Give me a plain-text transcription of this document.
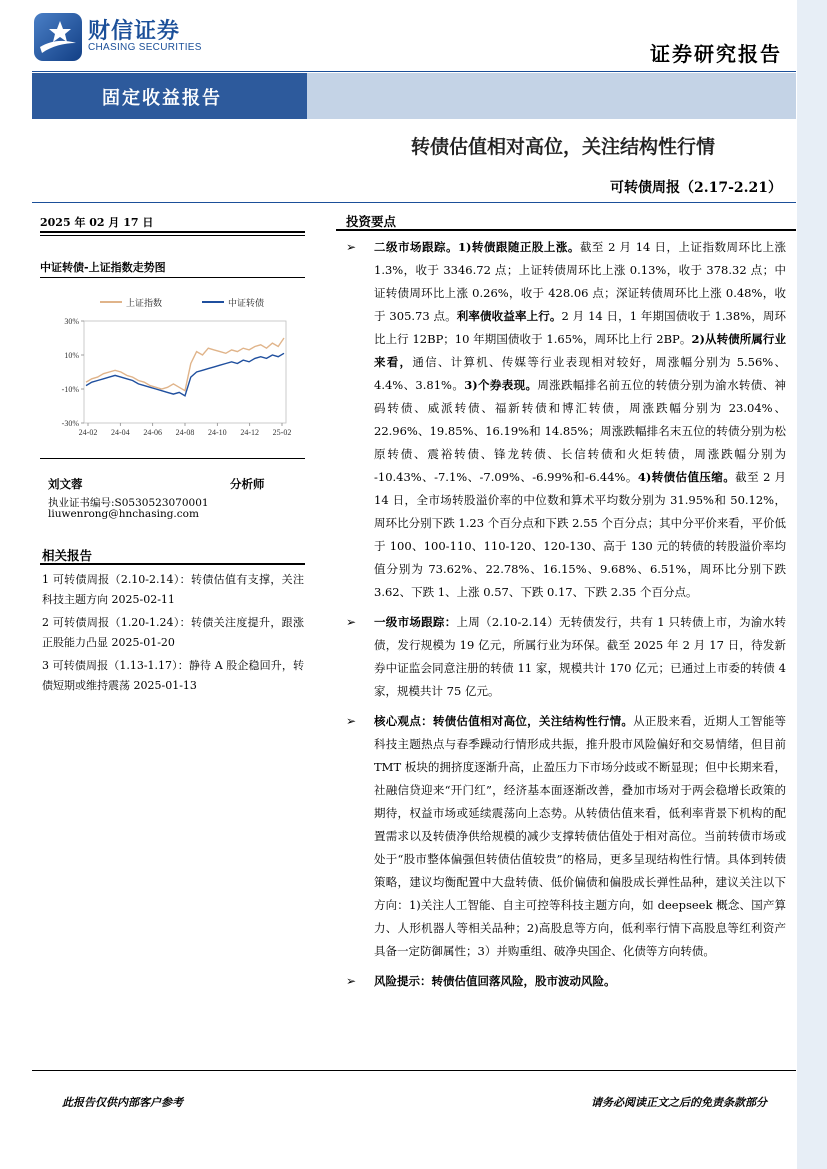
财信证券
CHASING SECURITIES	证券研究报告
固定收益报告
转债估值相对高位，关注结构性行情
可转债周报（2.17-2.21）
2025 年 02 月 17 日
中证转债-上证指数走势图
30%
10%
-10%
-30%
24-02 24-04 24-06 24-08 24-10 24-12 25-02
上证指数	中证转债
刘文蓉	分析师
执业证书编号:S0530523070001
liuwenrong@hnchasing.com
相关报告
1 可转债周报（2.10-2.14）：转债估值有支撑，关注科技主题方向 2025-02-11
2 可转债周报（1.20-1.24）：转债关注度提升，跟涨正股能力凸显 2025-01-20
3 可转债周报（1.13-1.17）：静待 A 股企稳回升，转债短期或维持震荡 2025-01-13
投资要点
➢ 二级市场跟踪。1)转债跟随正股上涨。截至 2 月 14 日，上证指数周环比上涨 1.3%，收于 3346.72 点；上证转债周环比上涨 0.13%，收于 378.32 点；中证转债周环比上涨 0.26%，收于 428.06 点；深证转债周环比上涨 0.48%，收于 305.73 点。利率债收益率上行。2 月 14 日，1 年期国债收于 1.38%，周环比上行 12BP；10 年期国债收于 1.65%，周环比上行 2BP。2)从转债所属行业来看，通信、计算机、传媒等行业表现相对较好，周涨幅分别为 5.56%、4.4%、3.81%。3)个券表现。周涨跌幅排名前五位的转债分别为渝水转债、神码转债、威派转债、福新转债和博汇转债，周涨跌幅分别为 23.04%、22.96%、19.85%、16.19%和 14.85%；周涨跌幅排名末五位的转债分别为松原转债、震裕转债、锋龙转债、长信转债和火炬转债，周涨跌幅分别为 -10.43%、-7.1%、-7.09%、-6.99%和-6.44%。4)转债估值压缩。截至 2 月 14 日，全市场转股溢价率的中位数和算术平均数分别为 31.95%和 50.12%，周环比分别下跌 1.23 个百分点和下跌 2.55 个百分点；其中分平价来看，平价低于 100、100-110、110-120、120-130、高于 130 元的转债的转股溢价率均值分别为 73.62%、22.78%、16.15%、9.68%、6.51%，周环比分别下跌 3.62、下跌 1、上涨 0.57、下跌 0.17、下跌 2.35 个百分点。
➢ 一级市场跟踪：上周（2.10-2.14）无转债发行，共有 1 只转债上市，为渝水转债，发行规模为 19 亿元，所属行业为环保。截至 2025 年 2 月 17 日，待发新券中证监会同意注册的转债 11 家，规模共计 170 亿元；已通过上市委的转债 4 家，规模共计 75 亿元。
➢ 核心观点：转债估值相对高位，关注结构性行情。从正股来看，近期人工智能等科技主题热点与春季躁动行情形成共振，推升股市风险偏好和交易情绪，但目前 TMT 板块的拥挤度逐渐升高，止盈压力下市场分歧或不断显现；但中长期来看，社融信贷迎来“开门红”，经济基本面逐渐改善，叠加市场对于两会稳增长政策的期待，权益市场或延续震荡向上态势。从转债估值来看，低利率背景下机构的配置需求以及转债净供给规模的减少支撑转债估值处于相对高位。当前转债市场或处于“股市整体偏强但转债估值较贵”的格局，更多呈现结构性行情。具体到转债策略，建议均衡配置中大盘转债、低价偏债和偏股成长弹性品种，建议关注以下方向：1)关注人工智能、自主可控等科技主题方向，如 deepseek 概念、国产算力、人形机器人等相关品种；2)高股息等方向，低利率行情下高股息等红利资产具备一定防御属性；3）并购重组、破净央国企、化债等方向转债。
➢ 风险提示：转债估值回落风险，股市波动风险。
此报告仅供内部客户参考	请务必阅读正文之后的免责条款部分
